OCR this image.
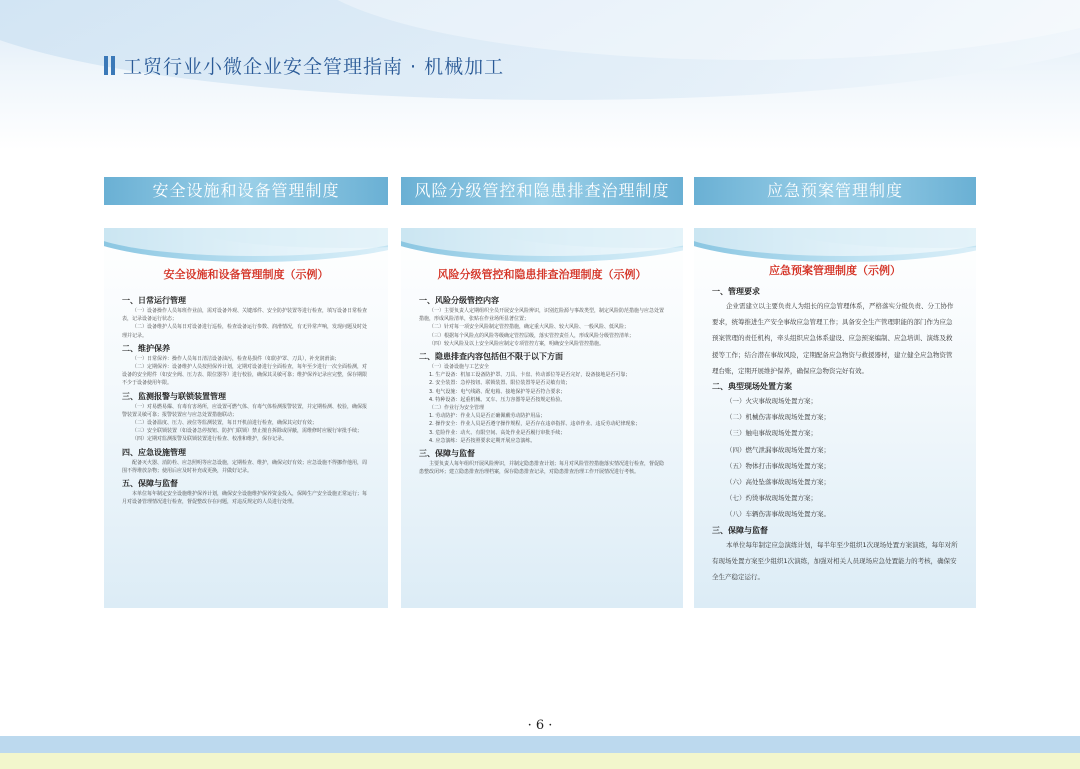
工贸行业小微企业安全管理指南 · 机械加工
安全设施和设备管理制度	风险分级管控和隐患排查治理制度	应急预案管理制度
安全设施和设备管理制度（示例）
一、日常运行管理

（一）设备操作人员每班作业前，需对设备外观、关键部件、安全防护装置等进行检查，填写设备日常检查表，记录设备运行状态；

（二）设备维护人员每日对设备进行巡检，检查设备运行参数、润滑情况，有无异常声响，发现问题及时处理并记录。

二、维护保养

（一）日常保养：操作人员每日清洁设备油污，检查易损件（如防护罩、刀具），补充润滑油；

（二）定期保养：设备维护人员按照保养计划，定期对设备进行全面检查，每年至少进行一次全面检测，对设备的安全附件（如安全阀、压力表、限位器等）进行校验，确保其灵敏可靠；维护保养记录应完整，保存期限不少于设备使用年限。

三、监测报警与联锁装置管理

（一）对易燃易爆、有毒有害场所，应设置可燃气体、有毒气体检测报警装置，并定期检测、校验，确保报警装置灵敏可靠；报警装置应与应急处置措施联动；

（二）设备温度、压力、液位等监测装置，每日开机前进行检查，确保其完好有效；

（三）安全联锁装置（如设备急停按钮、防护门联锁）禁止擅自拆除或屏蔽，需维修时应履行审批手续；

（四）定期对监测报警及联锁装置进行检查、校准和维护，保存记录。

四、应急设施管理

配备灭火器、消防栓、应急照明等应急设施，定期检查、维护，确保完好有效；应急设施不得挪作他用，周围不得堆放杂物；使用后应及时补充或更换，并做好记录。

五、保障与监督

本单位每年制定安全设施维护保养计划，确保安全设施维护保养资金投入，保障生产安全设施正常运行；每月对设备管理情况进行检查，督促整改存在问题，对违反规定的人员进行处理。

风险分级管控和隐患排查治理制度（示例）
一、风险分级管控内容

（一）主要负责人定期组织全员开展安全风险辨识，识别危险源与事故类型，制定风险防范措施与应急处置措施，形成风险清单，张贴在作业场所显著位置；

（二）针对每一项安全风险制定管控措施，确定重大风险、较大风险、一般风险、低风险；

（三）根据每个风险点的风险等级确定管控层级，落实管控责任人，形成风险分级管控清单；

（四）较大风险及以上安全风险应制定专项管控方案，明确安全风险管控措施。

二、隐患排查内容包括但不限于以下方面

（一）设备设施与工艺安全

1. 生产设备：机加工设备防护罩、刀具、卡盘、传动部位等是否完好，设备接地是否可靠；

2. 安全装置：急停按钮、联锁装置、限位装置等是否灵敏有效；

3. 电气设施：电气线路、配电箱、接地保护等是否符合要求；

4. 特种设备：起重机械、叉车、压力容器等是否按规定检验。

（二）作业行为安全管理

1. 劳动防护：作业人员是否正确佩戴劳动防护用品；

2. 操作安全：作业人员是否遵守操作规程，是否存在违章指挥、违章作业、违反劳动纪律现象；

3. 危险作业：动火、有限空间、高处作业是否履行审批手续；

4. 应急演练：是否按照要求定期开展应急演练。

三、保障与监督

主要负责人每年组织开展风险辨识，并制定隐患排查计划；每月对风险管控措施落实情况进行检查，督促隐患整改闭环；建立隐患排查治理档案，保存隐患排查记录，对隐患排查治理工作开展情况进行考核。

应急预案管理制度（示例）
一、管理要求

企业需建立以主要负责人为组长的应急管理体系，严格落实分级负责、分工协作要求，统筹推进生产安全事故应急管理工作；具备安全生产管理职能的部门作为应急预案管理的责任机构，牵头组织应急体系建设、应急预案编制、应急培训、演练及救援等工作；结合潜在事故风险，定期配备应急物资与救援器材，建立健全应急物资管理台账，定期开展维护保养，确保应急物资完好有效。

二、典型现场处置方案

（一）火灾事故现场处置方案；

（二）机械伤害事故现场处置方案；

（三）触电事故现场处置方案；

（四）燃气泄漏事故现场处置方案；

（五）物体打击事故现场处置方案；

（六）高处坠落事故现场处置方案；

（七）灼烫事故现场处置方案；

（八）车辆伤害事故现场处置方案。

三、保障与监督

本单位每年制定应急演练计划，每半年至少组织1次现场处置方案演练，每年对所有现场处置方案至少组织1次演练，加强对相关人员现场应急处置能力的考核，确保安全生产稳定运行。

· 6 ·
